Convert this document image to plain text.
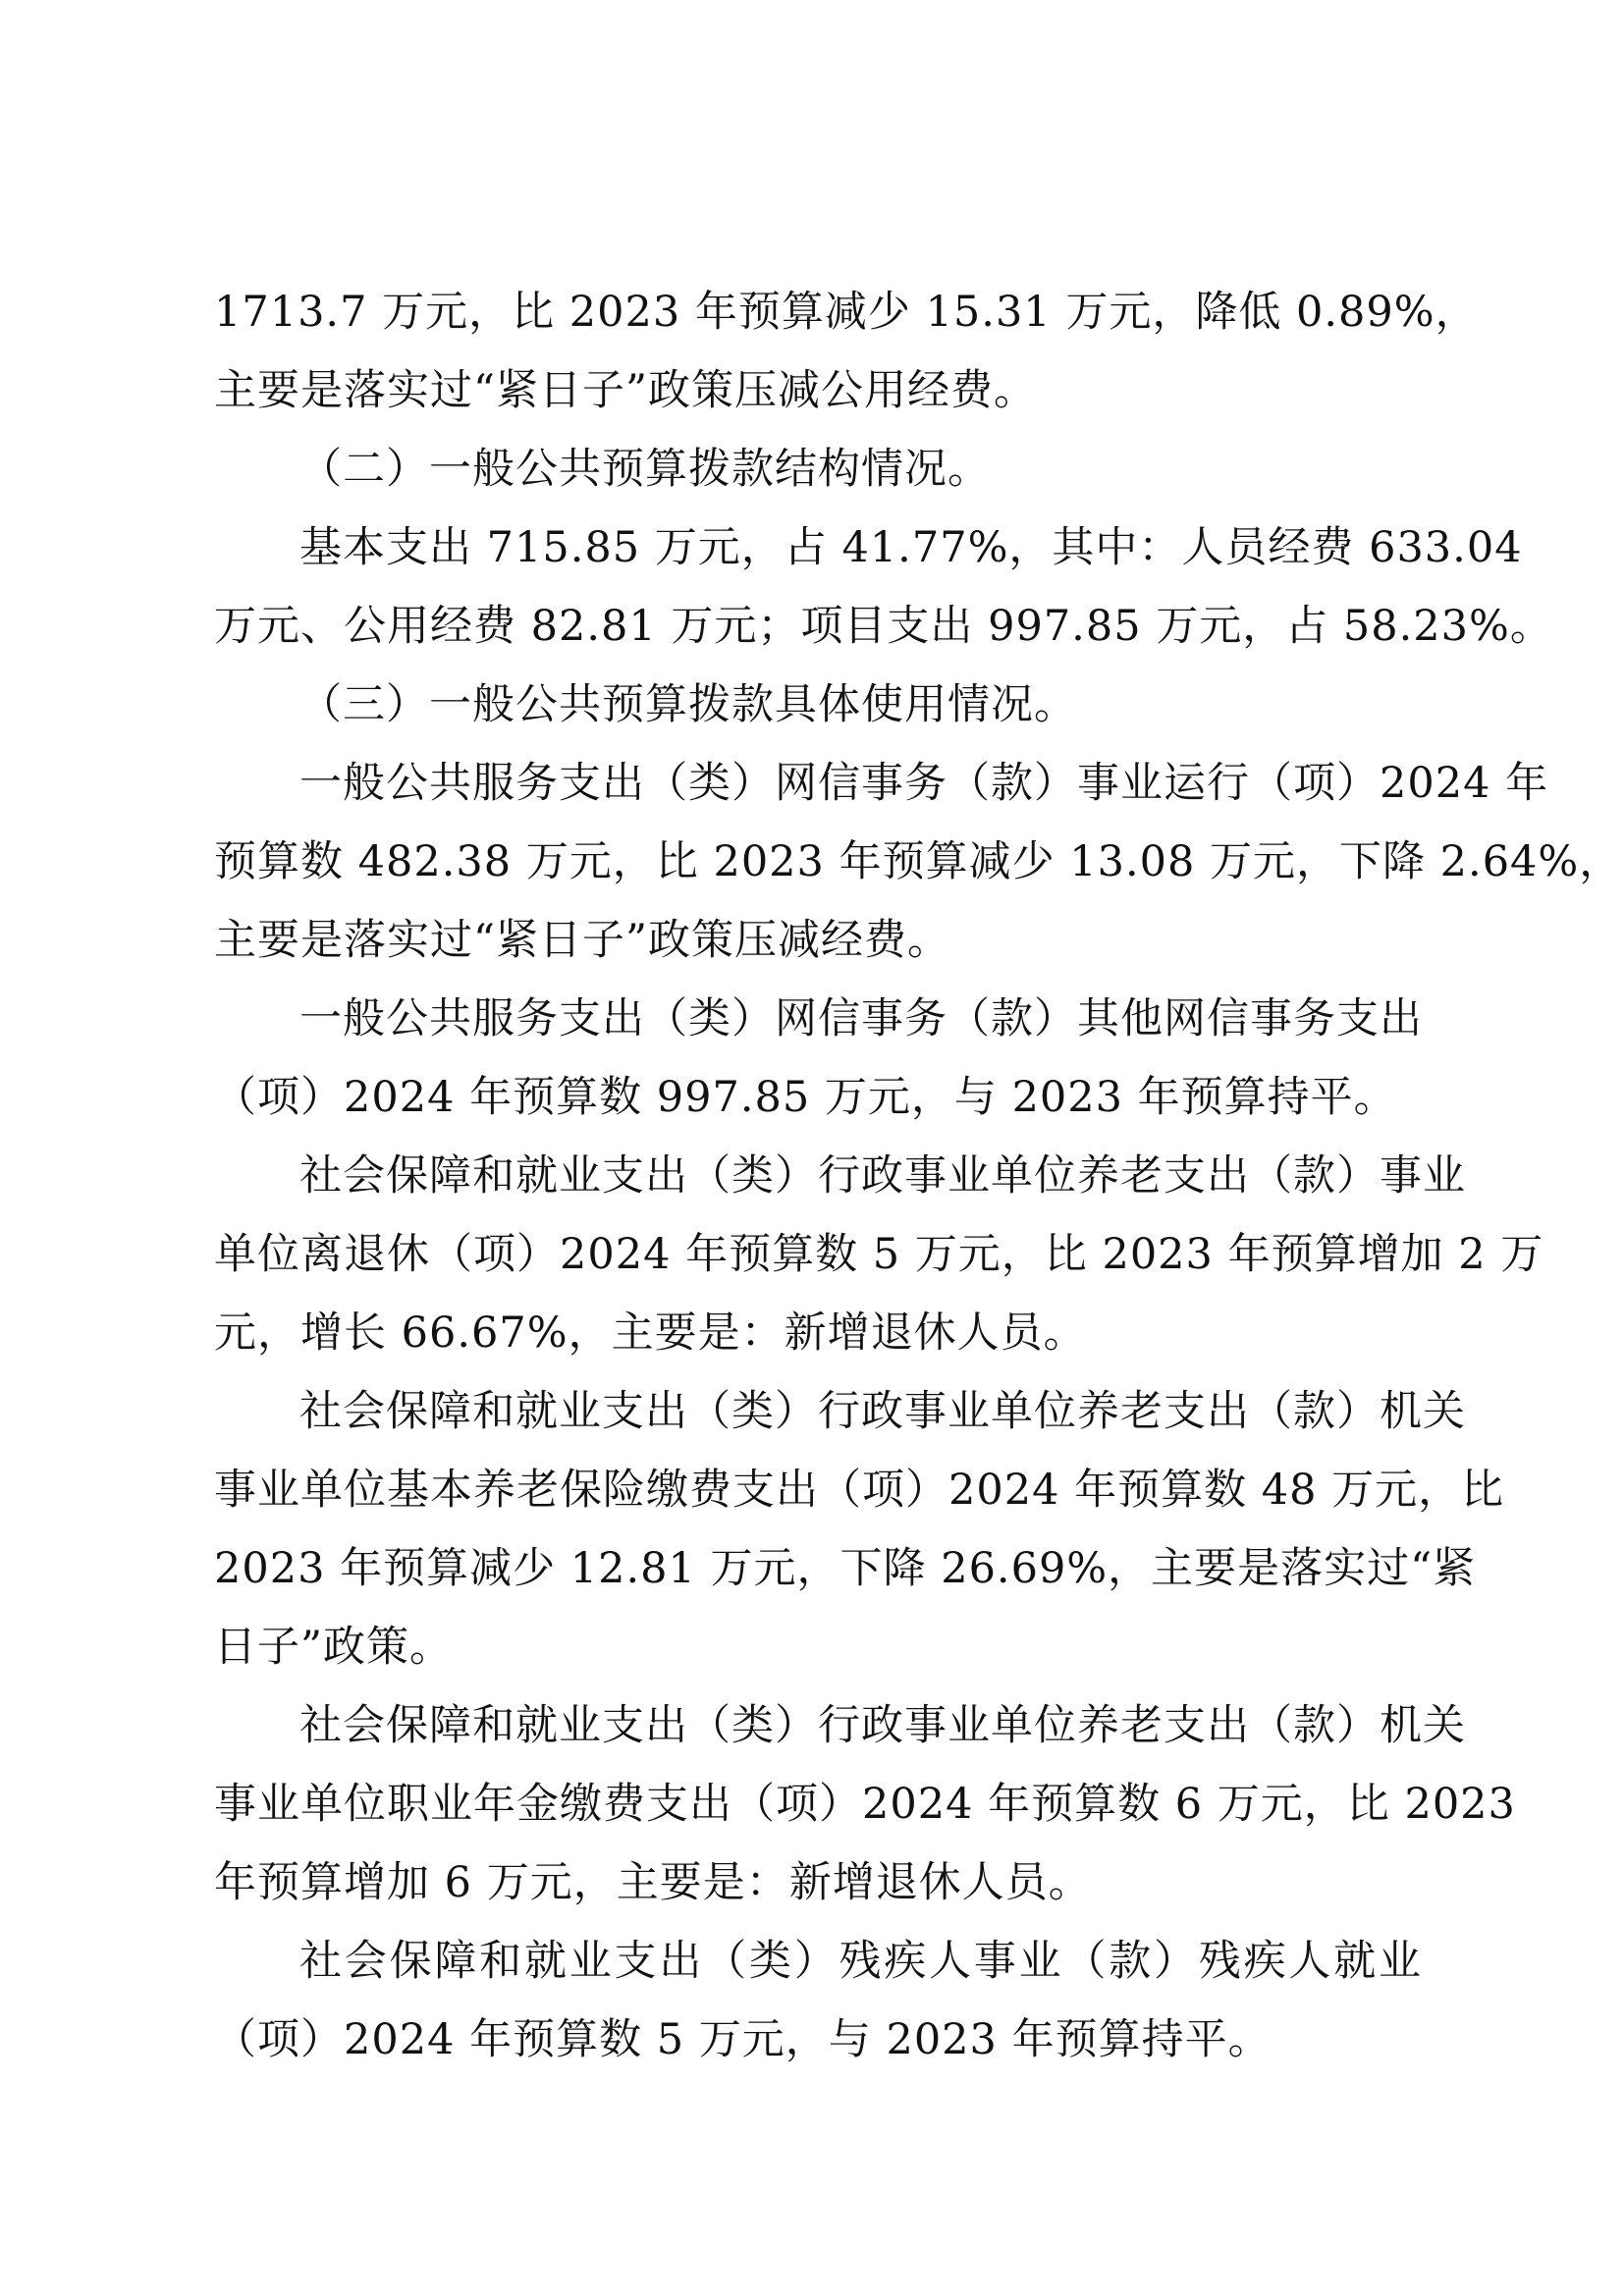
1713.7 万元，比 2023 年预算减少 15.31 万元，降低 0.89%，
主要是落实过“紧日子”政策压减公用经费。
（二）一般公共预算拨款结构情况。
基本支出 715.85 万元，占 41.77%，其中：人员经费 633.04
万元、公用经费 82.81 万元；项目支出 997.85 万元，占 58.23%。
（三）一般公共预算拨款具体使用情况。
一般公共服务支出（类）网信事务（款）事业运行（项）2024 年
预算数 482.38 万元，比 2023 年预算减少 13.08 万元，下降 2.64%，
主要是落实过“紧日子”政策压减经费。
一般公共服务支出（类）网信事务（款）其他网信事务支出
（项）2024 年预算数 997.85 万元，与 2023 年预算持平。
社会保障和就业支出（类）行政事业单位养老支出（款）事业
单位离退休（项）2024 年预算数 5 万元，比 2023 年预算增加 2 万
元，增长 66.67%，主要是：新增退休人员。
社会保障和就业支出（类）行政事业单位养老支出（款）机关
事业单位基本养老保险缴费支出（项）2024 年预算数 48 万元，比
2023 年预算减少 12.81 万元，下降 26.69%，主要是落实过“紧
日子”政策。
社会保障和就业支出（类）行政事业单位养老支出（款）机关
事业单位职业年金缴费支出（项）2024 年预算数 6 万元，比 2023
年预算增加 6 万元，主要是：新增退休人员。
社会保障和就业支出（类）残疾人事业（款）残疾人就业
（项）2024 年预算数 5 万元，与 2023 年预算持平。
